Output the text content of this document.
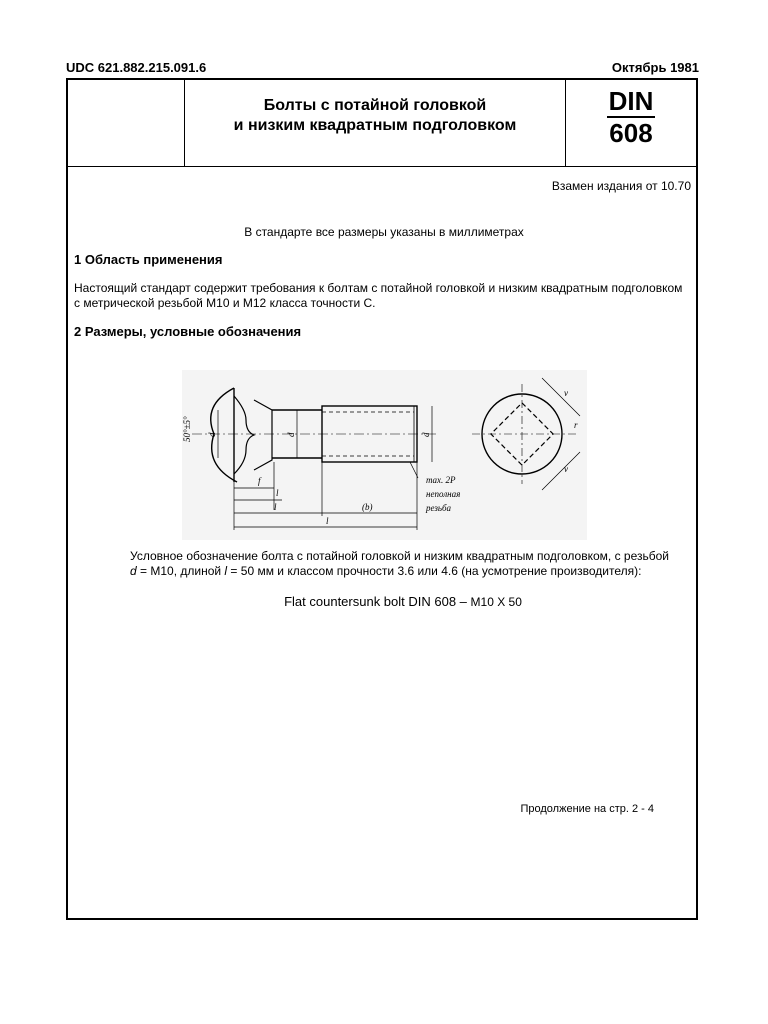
UDC 621.882.215.091.6	Октябрь 1981
Болты с потайной головкой
и низким квадратным подголовком
DIN
608
Взамен издания от 10.70
В стандарте все размеры указаны в миллиметрах
1 Область применения
Настоящий стандарт содержит требования к болтам с потайной головкой и низким квадратным подголовком с метрической резьбой М10 и М12 класса точности С.
2 Размеры, условные обозначения
50°±5° d	d	d
f
l
l	(b)
l
max. 2P
неполная
резьба
v
r
v
Условное обозначение болта с потайной головкой и низким квадратным подголовком, с резьбой d = М10, длиной l = 50 мм и классом прочности 3.6 или 4.6 (на усмотрение производителя):
Flat countersunk bolt DIN 608 – M10 X 50
Продолжение на стр. 2 - 4
